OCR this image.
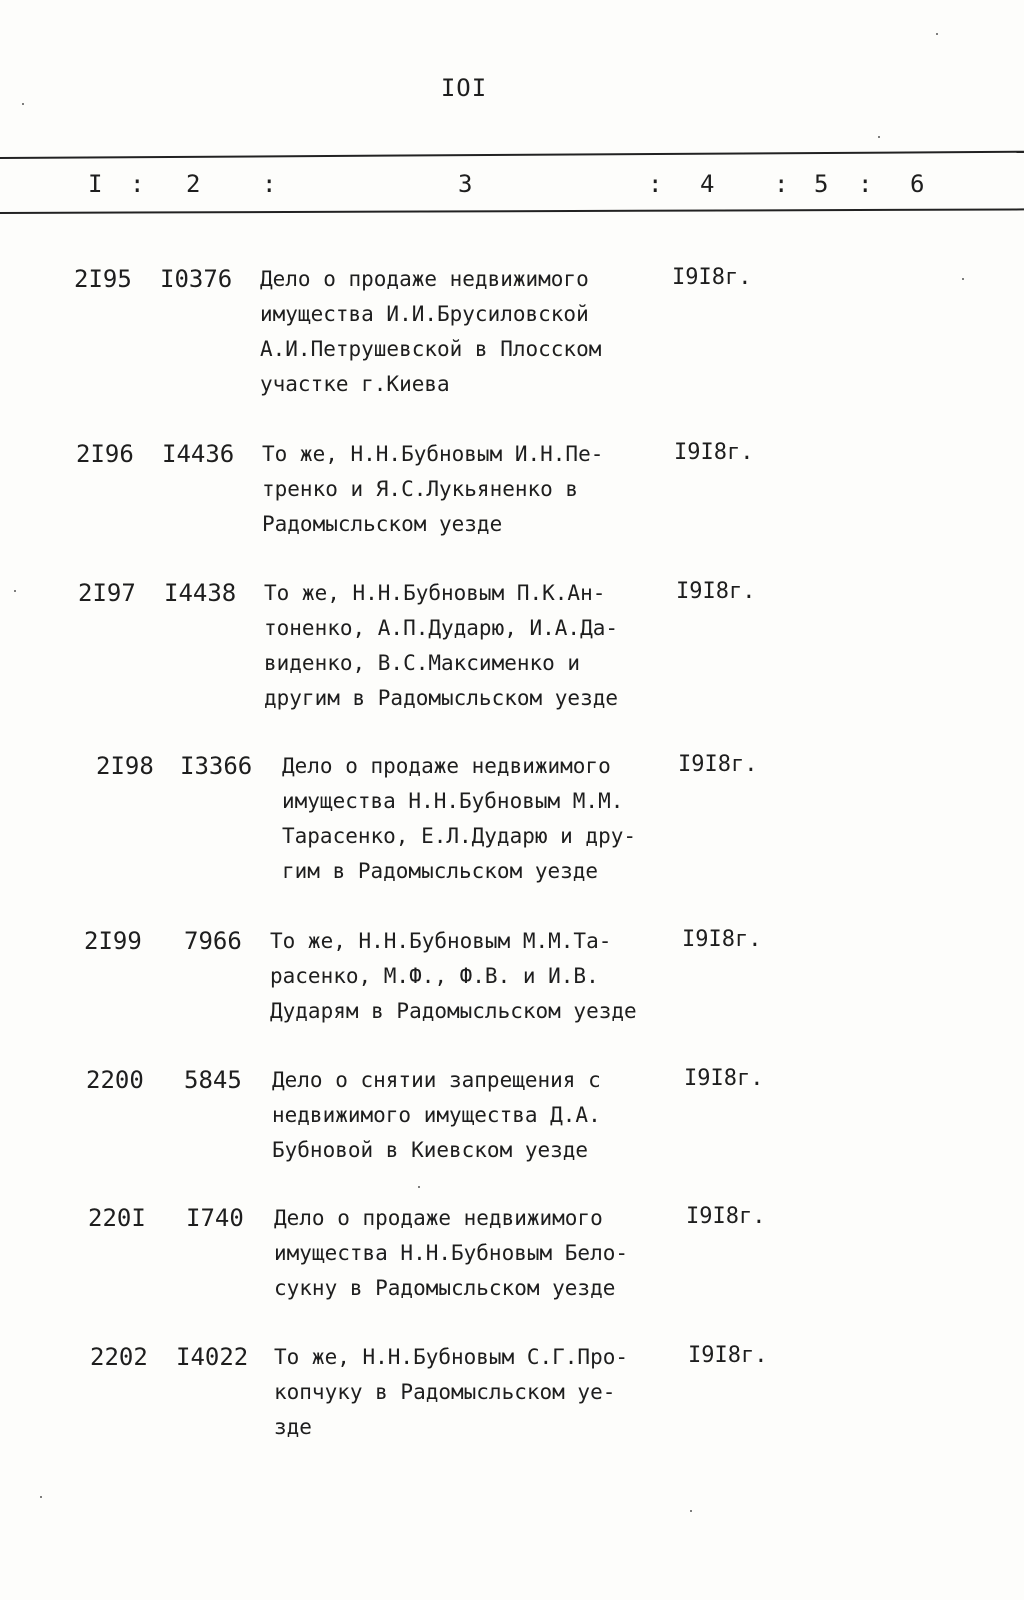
IOI
I : 2	:	3	: 4 : 5 : 6
2I95 I0376 Дело о продаже недвижимого
имущества И.И.Брусиловской
А.И.Петрушевской в Плосском
участке г.Киева
I9I8г.
2I96 I4436 То же, Н.Н.Бубновым И.Н.Пе-
тренко и Я.С.Лукьяненко в
Радомысльском уезде
I9I8г.
2I97 I4438 То же, Н.Н.Бубновым П.К.Ан-
тоненко, А.П.Дударю, И.А.Да-
виденко, В.С.Максименко и
другим в Радомысльском уезде
I9I8г.
2I98 I3366 Дело о продаже недвижимого
имущества Н.Н.Бубновым М.М.
Тарасенко, Е.Л.Дударю и дру-
гим в Радомысльском уезде
I9I8г.
2I99 7966 То же, Н.Н.Бубновым М.М.Та-
расенко, М.Ф., Ф.В. и И.В.
Дударям в Радомысльском уезде
I9I8г.
2200 5845 Дело о снятии запрещения с
недвижимого имущества Д.А.
Бубновой в Киевском уезде
I9I8г.
220I I740 Дело о продаже недвижимого
имущества Н.Н.Бубновым Бело-
сукну в Радомысльском уезде
I9I8г.
2202 I4022 То же, Н.Н.Бубновым С.Г.Про-
копчуку в Радомысльском уе-
зде
I9I8г.
